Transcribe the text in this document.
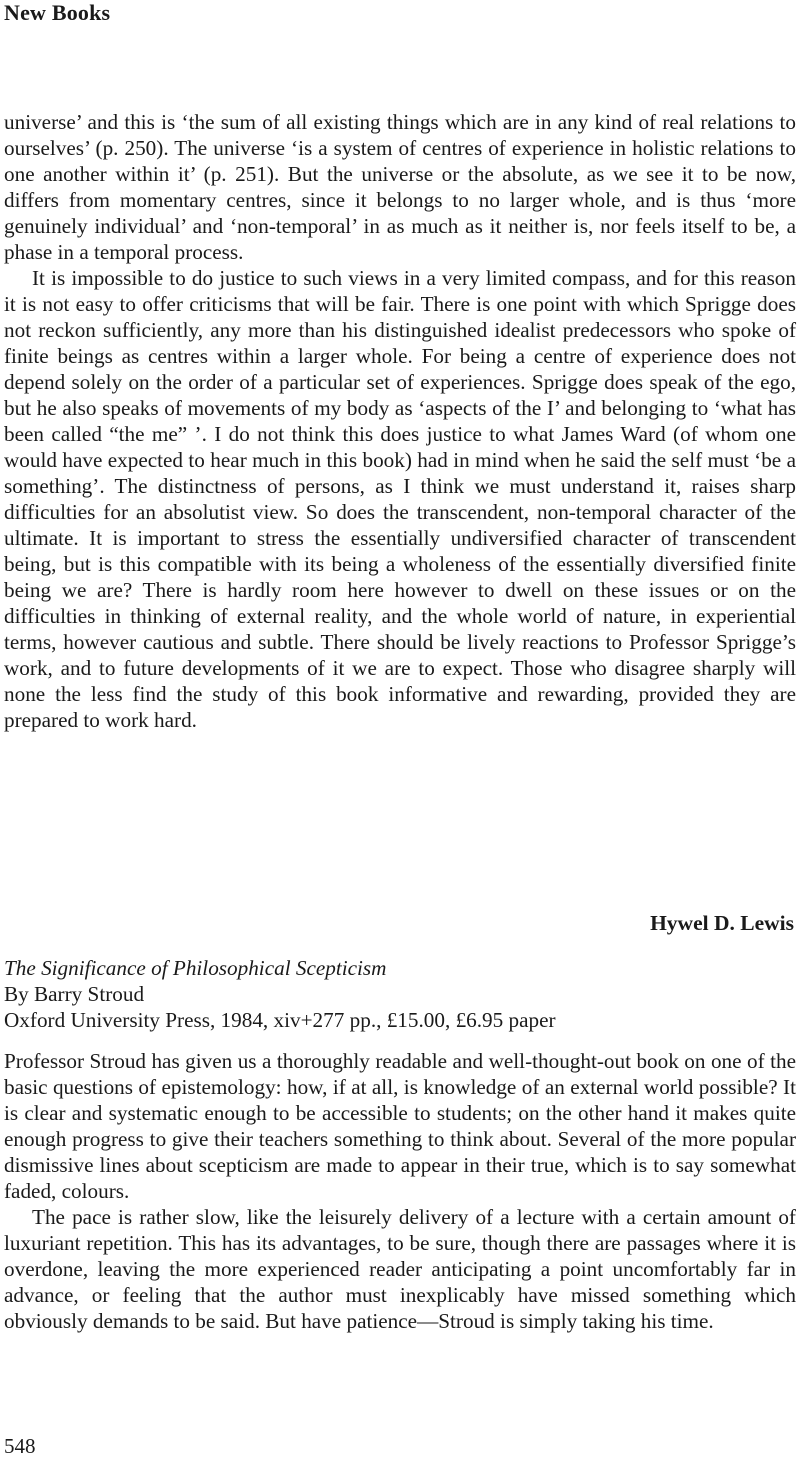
New Books

universe’ and this is ‘the sum of all existing things which are in any kind of real relations to ourselves’ (p. 250). The universe ‘is a system of centres of experience in holistic relations to one another within it’ (p. 251). But the universe or the absolute, as we see it to be now, differs from momentary centres, since it belongs to no larger whole, and is thus ‘more genuinely individual’ and ‘non-temporal’ in as much as it neither is, nor feels itself to be, a phase in a temporal process.

It is impossible to do justice to such views in a very limited compass, and for this reason it is not easy to offer criticisms that will be fair. There is one point with which Sprigge does not reckon sufficiently, any more than his distinguished idealist predecessors who spoke of finite beings as centres within a larger whole. For being a centre of experience does not depend solely on the order of a particular set of experiences. Sprigge does speak of the ego, but he also speaks of movements of my body as ‘aspects of the I’ and belonging to ‘what has been called “the me” ’. I do not think this does justice to what James Ward (of whom one would have expected to hear much in this book) had in mind when he said the self must ‘be a something’. The distinctness of persons, as I think we must understand it, raises sharp difficulties for an absolutist view. So does the transcendent, non-temporal character of the ultimate. It is important to stress the essentially undiversified character of transcendent being, but is this compatible with its being a wholeness of the essentially diversified finite being we are? There is hardly room here however to dwell on these issues or on the difficulties in thinking of external reality, and the whole world of nature, in experiential terms, however cautious and subtle. There should be lively reactions to Professor Sprigge’s work, and to future developments of it we are to expect. Those who disagree sharply will none the less find the study of this book informative and rewarding, provided they are prepared to work hard.

Hywel D. Lewis
The Significance of Philosophical Scepticism
By Barry Stroud
Oxford University Press, 1984, xiv+277 pp., £15.00, £6.95 paper

Professor Stroud has given us a thoroughly readable and well-thought-out book on one of the basic questions of epistemology: how, if at all, is knowledge of an external world possible? It is clear and systematic enough to be accessible to students; on the other hand it makes quite enough progress to give their teachers something to think about. Several of the more popular dismissive lines about scepticism are made to appear in their true, which is to say somewhat faded, colours.

The pace is rather slow, like the leisurely delivery of a lecture with a certain amount of luxuriant repetition. This has its advantages, to be sure, though there are passages where it is overdone, leaving the more experienced reader anticipating a point uncomfortably far in advance, or feeling that the author must inexplicably have missed something which obviously demands to be said. But have patience—Stroud is simply taking his time.

548
